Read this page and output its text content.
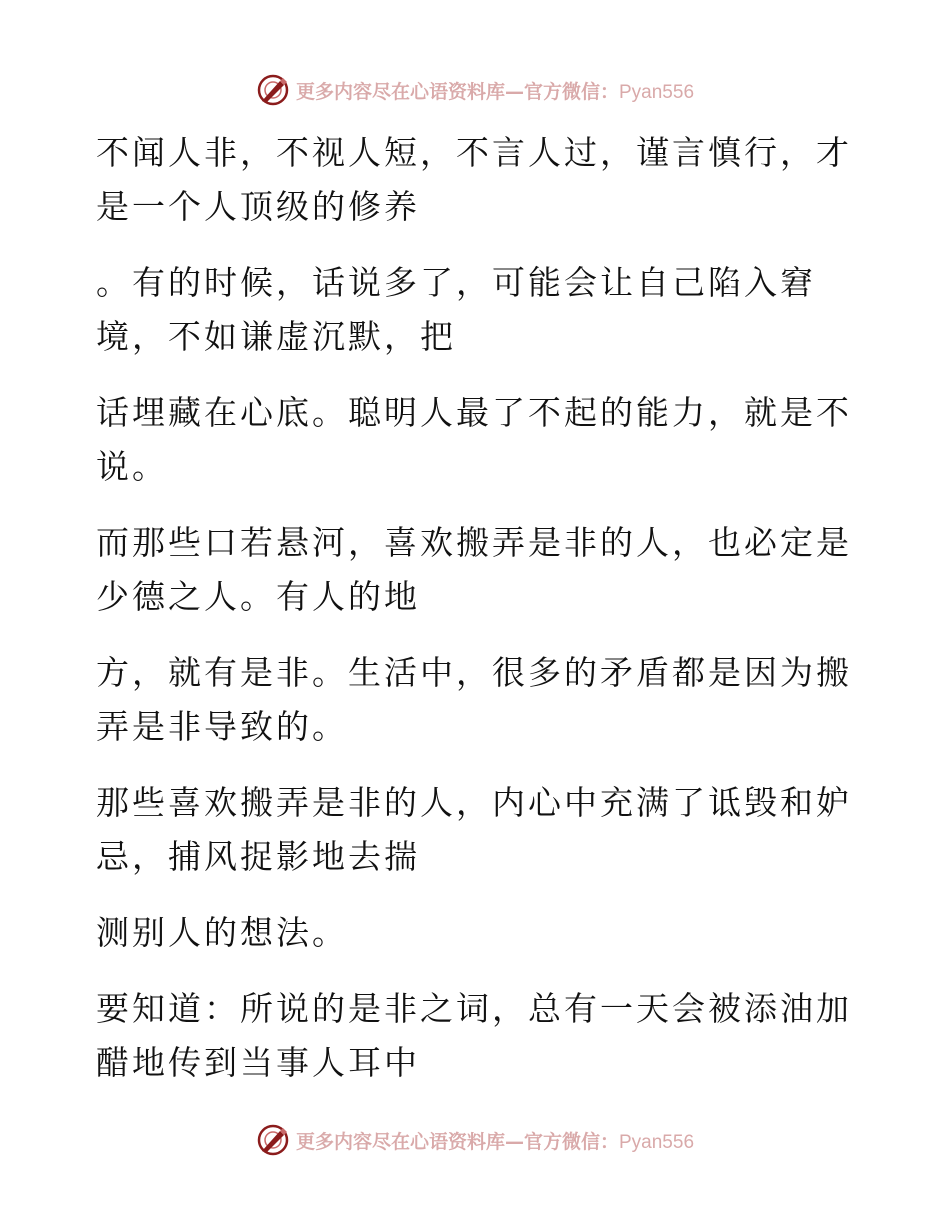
更多内容尽在心语资料库—官方微信：Pyan556

不闻人非，不视人短，不言人过，谨言慎行，才
是一个人顶级的修养

。有的时候，话说多了，可能会让自己陷入窘
境，不如谦虚沉默，把

话埋藏在心底。聪明人最了不起的能力，就是不
说。

而那些口若悬河，喜欢搬弄是非的人，也必定是
少德之人。有人的地

方，就有是非。生活中，很多的矛盾都是因为搬
弄是非导致的。

那些喜欢搬弄是非的人，内心中充满了诋毁和妒
忌，捕风捉影地去揣

测别人的想法。

要知道：所说的是非之词，总有一天会被添油加
醋地传到当事人耳中

更多内容尽在心语资料库—官方微信：Pyan556
